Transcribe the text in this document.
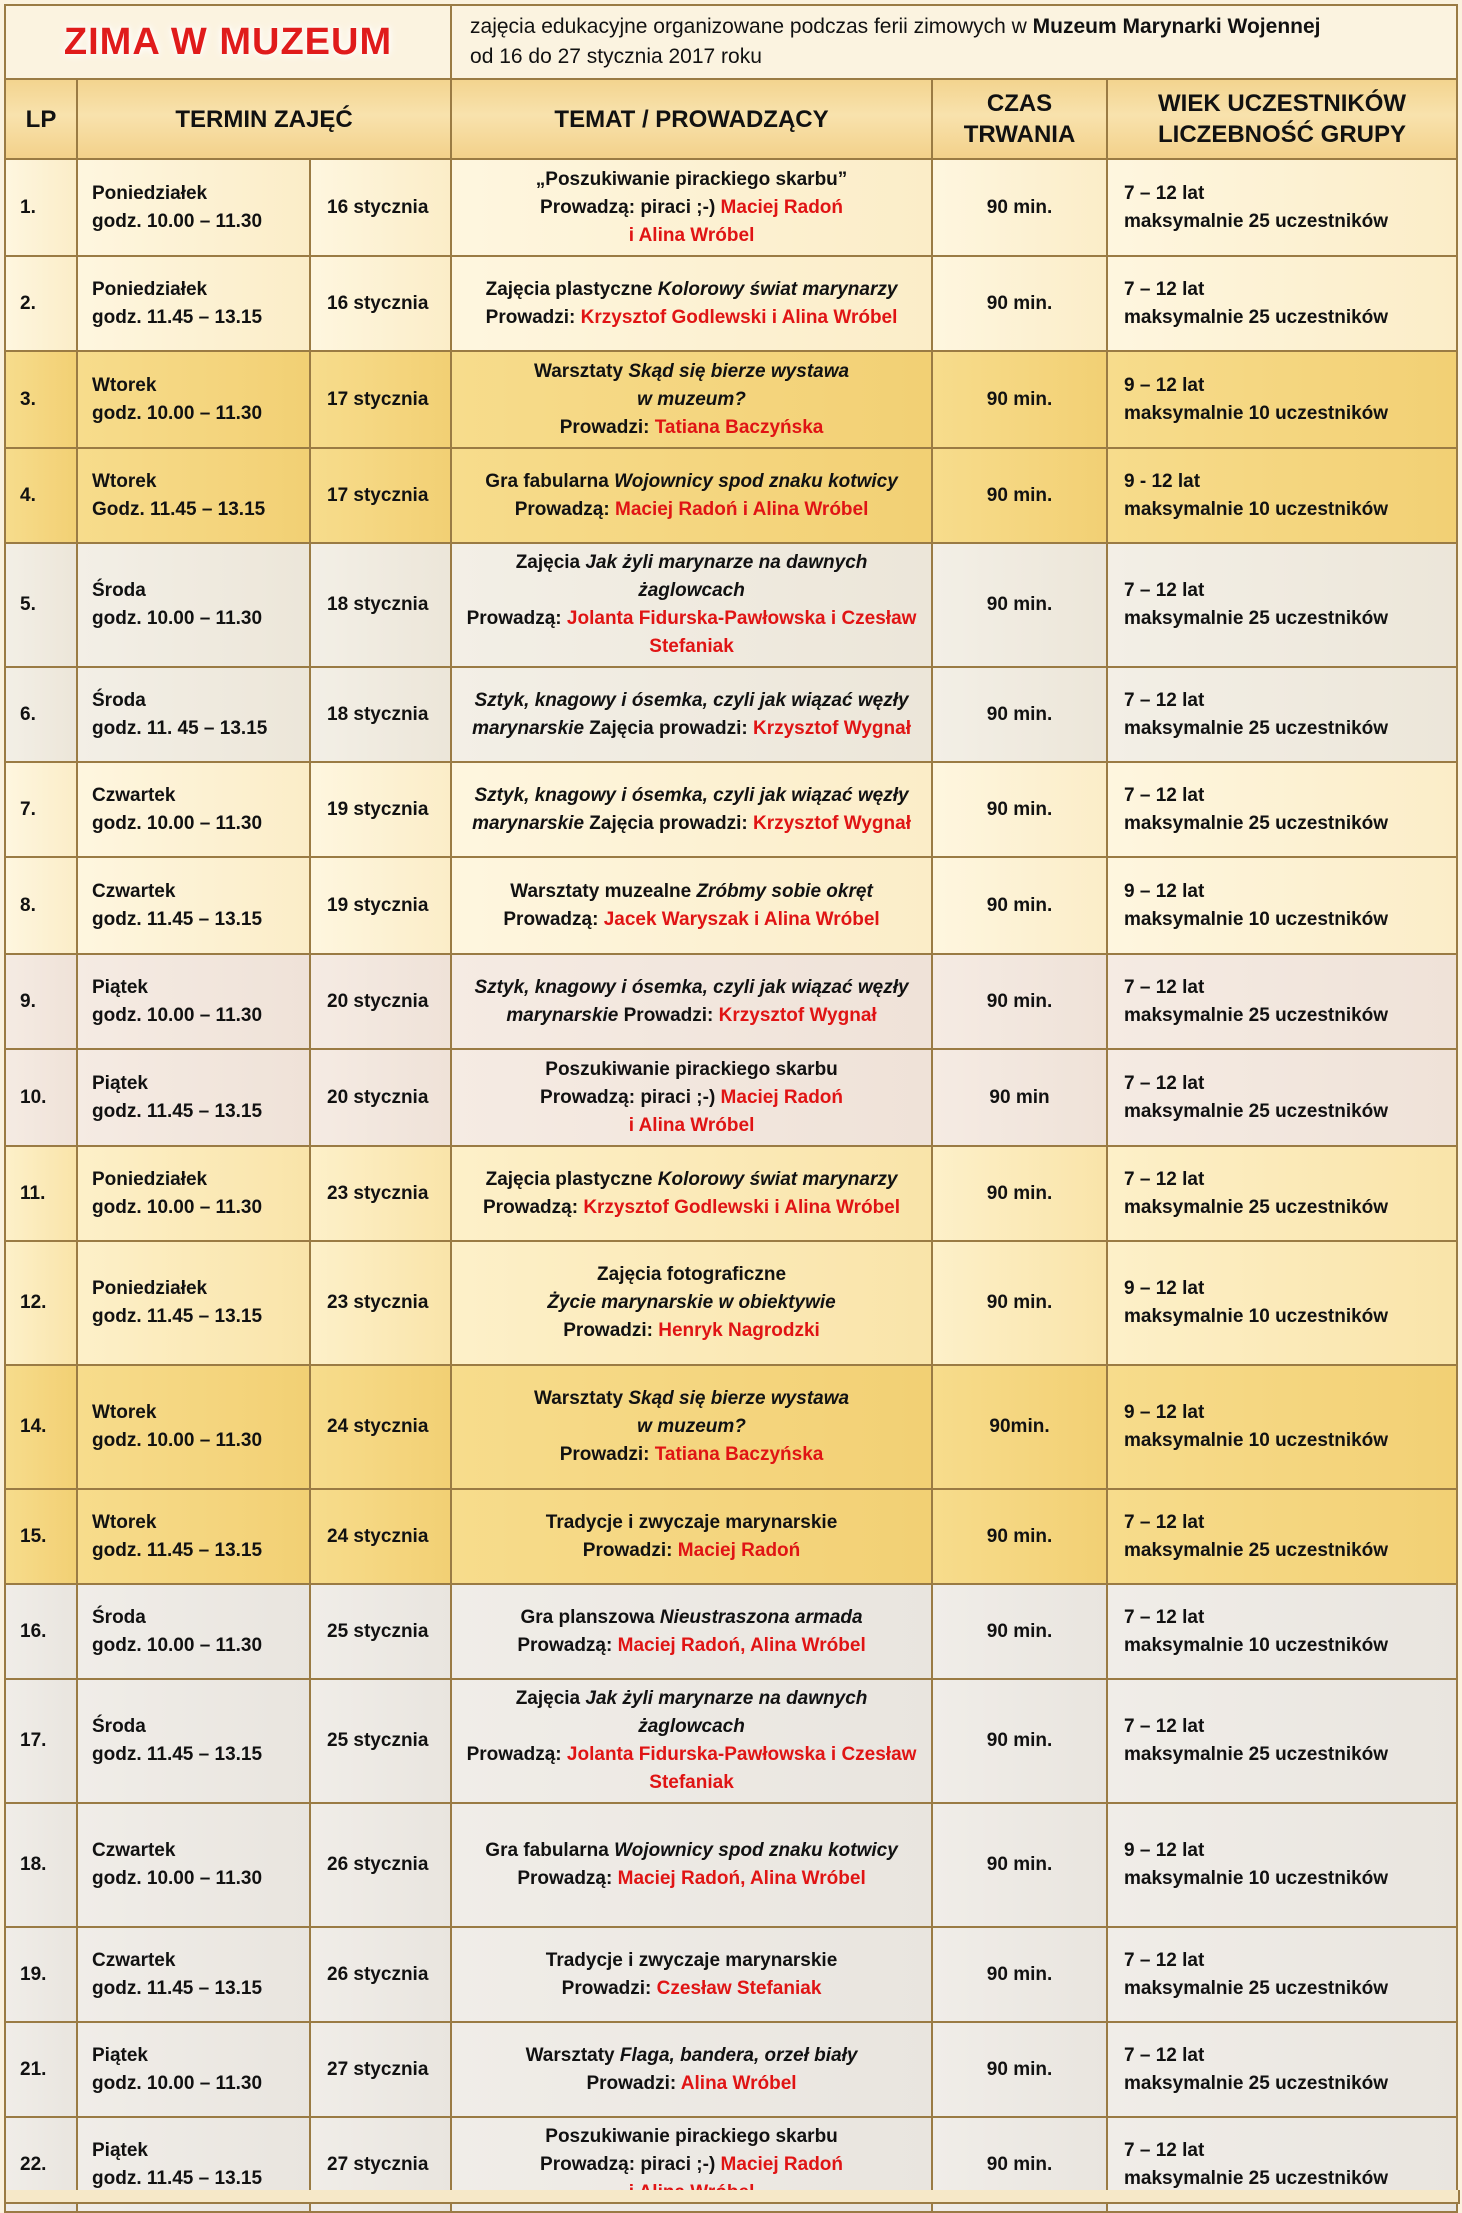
ZIMA W MUZEUM			zajęcia edukacyjne organizowane podczas ferii zimowych w Muzeum Marynarki Wojennej
od 16 do 27 stycznia 2017 roku		
LP	TERMIN ZAJĘĆ		TEMAT / PROWADZĄCY	CZAS
TRWANIA	WIEK UCZESTNIKÓW
LICZEBNOŚĆ GRUPY

1.	Poniedziałek
godz. 10.00 – 11.30	16 stycznia	„Poszukiwanie pirackiego skarbu”
Prowadzą: piraci ;-) Maciej Radoń
i Alina Wróbel	90 min.	7 – 12 lat
maksymalnie 25 uczestników

2.	Poniedziałek
godz. 11.45 – 13.15	16 stycznia	Zajęcia plastyczne Kolorowy świat marynarzy
Prowadzi: Krzysztof Godlewski i Alina Wróbel	90 min.	7 – 12 lat
maksymalnie 25 uczestników

3.	Wtorek
godz. 10.00 – 11.30	17 stycznia	Warsztaty Skąd się bierze wystawa
w muzeum?
Prowadzi: Tatiana Baczyńska	90 min.	9 – 12 lat
maksymalnie 10 uczestników

4.	Wtorek
Godz. 11.45 – 13.15	17 stycznia	Gra fabularna Wojownicy spod znaku kotwicy
Prowadzą: Maciej Radoń i Alina Wróbel	90 min.	9 - 12 lat
maksymalnie 10 uczestników

5.	Środa
godz. 10.00 – 11.30	18 stycznia	Zajęcia Jak żyli marynarze na dawnych
żaglowcach
Prowadzą: Jolanta Fidurska-Pawłowska i Czesław
Stefaniak	90 min.	7 – 12 lat
maksymalnie 25 uczestników

6.	Środa
godz. 11. 45 – 13.15	18 stycznia	Sztyk, knagowy i ósemka, czyli jak wiązać węzły
marynarskie Zajęcia prowadzi: Krzysztof Wygnał	90 min.	7 – 12 lat
maksymalnie 25 uczestników

7.	Czwartek
godz. 10.00 – 11.30	19 stycznia	Sztyk, knagowy i ósemka, czyli jak wiązać węzły
marynarskie Zajęcia prowadzi: Krzysztof Wygnał	90 min.	7 – 12 lat
maksymalnie 25 uczestników

8.	Czwartek
godz. 11.45 – 13.15	19 stycznia	Warsztaty muzealne Zróbmy sobie okręt
Prowadzą: Jacek Waryszak i Alina Wróbel	90 min.	9 – 12 lat
maksymalnie 10 uczestników

9.	Piątek
godz. 10.00 – 11.30	20 stycznia	Sztyk, knagowy i ósemka, czyli jak wiązać węzły
marynarskie Prowadzi: Krzysztof Wygnał	90 min.	7 – 12 lat
maksymalnie 25 uczestników

10.	Piątek
godz. 11.45 – 13.15	20 stycznia	Poszukiwanie pirackiego skarbu
Prowadzą: piraci ;-) Maciej Radoń
i Alina Wróbel	90 min	7 – 12 lat
maksymalnie 25 uczestników

11.	Poniedziałek
godz. 10.00 – 11.30	23 stycznia	Zajęcia plastyczne Kolorowy świat marynarzy
Prowadzą: Krzysztof Godlewski i Alina Wróbel	90 min.	7 – 12 lat
maksymalnie 25 uczestników

12.	Poniedziałek
godz. 11.45 – 13.15	23 stycznia	Zajęcia fotograficzne
Życie marynarskie w obiektywie
Prowadzi: Henryk Nagrodzki	90 min.	9 – 12 lat
maksymalnie 10 uczestników

14.	Wtorek
godz. 10.00 – 11.30	24 stycznia	Warsztaty Skąd się bierze wystawa
w muzeum?
Prowadzi: Tatiana Baczyńska	90min.	9 – 12 lat
maksymalnie 10 uczestników

15.	Wtorek
godz. 11.45 – 13.15	24 stycznia	Tradycje i zwyczaje marynarskie
Prowadzi: Maciej Radoń	90 min.	7 – 12 lat
maksymalnie 25 uczestników

16.	Środa
godz. 10.00 – 11.30	25 stycznia	Gra planszowa Nieustraszona armada
Prowadzą: Maciej Radoń, Alina Wróbel	90 min.	7 – 12 lat
maksymalnie 10 uczestników

17.	Środa
godz. 11.45 – 13.15	25 stycznia	Zajęcia Jak żyli marynarze na dawnych
żaglowcach
Prowadzą: Jolanta Fidurska-Pawłowska i Czesław
Stefaniak	90 min.	7 – 12 lat
maksymalnie 25 uczestników

18.	Czwartek
godz. 10.00 – 11.30	26 stycznia	Gra fabularna Wojownicy spod znaku kotwicy
Prowadzą: Maciej Radoń, Alina Wróbel	90 min.	9 – 12 lat
maksymalnie 10 uczestników

19.	Czwartek
godz. 11.45 – 13.15	26 stycznia	Tradycje i zwyczaje marynarskie
Prowadzi: Czesław Stefaniak	90 min.	7 – 12 lat
maksymalnie 25 uczestników

21.	Piątek
godz. 10.00 – 11.30	27 stycznia	Warsztaty Flaga, bandera, orzeł biały
Prowadzi: Alina Wróbel	90 min.	7 – 12 lat
maksymalnie 25 uczestników

22.	Piątek
godz. 11.45 – 13.15	27 stycznia	Poszukiwanie pirackiego skarbu
Prowadzą: piraci ;-) Maciej Radoń	90 min.	7 – 12 lat
maksymalnie 25 uczestników
